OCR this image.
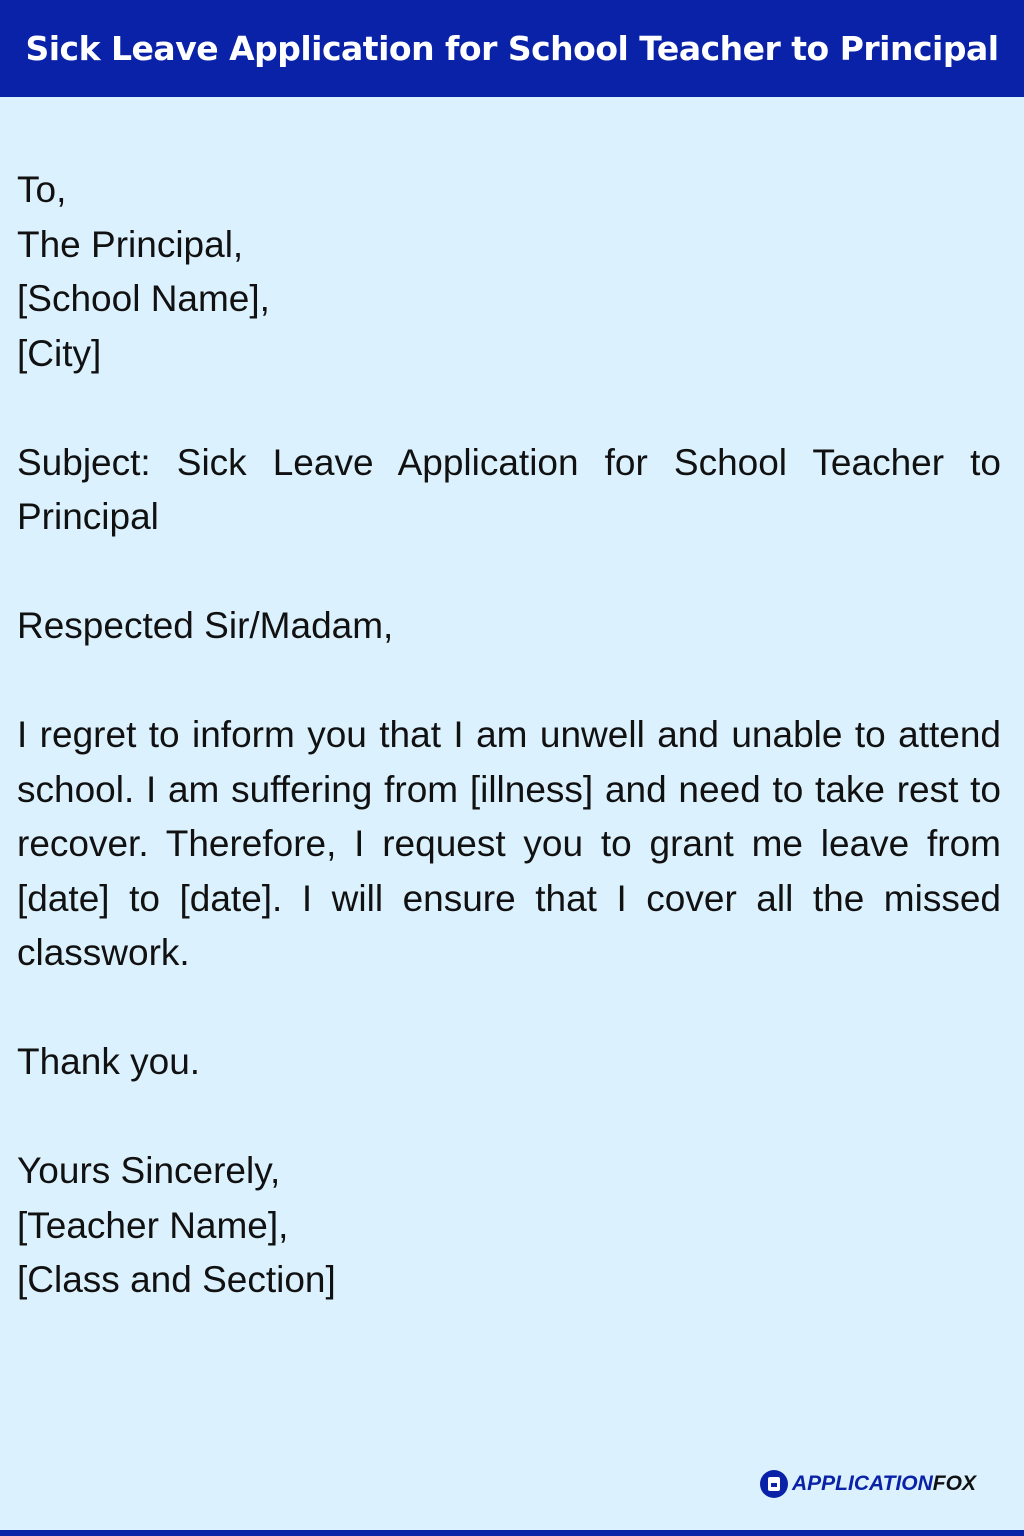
Sick Leave Application for School Teacher to Principal

To,

The Principal,

[School Name],

[City]

Subject: Sick Leave Application for School Teacher to Principal

Respected Sir/Madam,

I regret to inform you that I am unwell and unable to attend school. I am suffering from [illness] and need to take rest to recover. Therefore, I request you to grant me leave from [date] to [date]. I will ensure that I cover all the missed classwork.

Thank you.

Yours Sincerely,

[Teacher Name],

[Class and Section]

APPLICATION FOX
